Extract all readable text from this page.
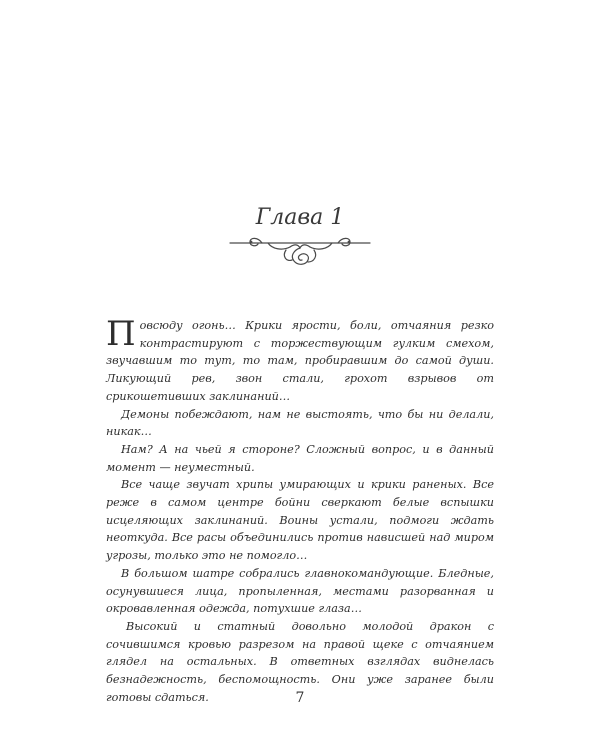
Глава 1

Повсюду огонь… Крики ярости, боли, отчаяния резко контрастируют с торжествующим гулким смехом, звучавшим то тут, то там, пробиравшим до самой души. Ликующий рев, звон стали, грохот взрывов от срикошетивших заклинаний…

Демоны побеждают, нам не выстоять, что бы ни делали, никак…

Нам? А на чьей я стороне? Сложный вопрос, и в данный момент — неуместный.

Все чаще звучат хрипы умирающих и крики раненых. Все реже в самом центре бойни сверкают белые вспышки исцеляющих заклинаний. Воины устали, подмоги ждать неоткуда. Все расы объединились против нависшей над миром угрозы, только это не помогло…

В большом шатре собрались главнокомандующие. Бледные, осунувшиеся лица, пропыленная, местами разорванная и окровавленная одежда, потухшие глаза…

Высокий и статный довольно молодой дракон с сочившимся кровью разрезом на правой щеке с отчаянием глядел на остальных. В ответных взглядах виднелась безнадежность, беспомощность. Они уже заранее были готовы сдаться.	7
